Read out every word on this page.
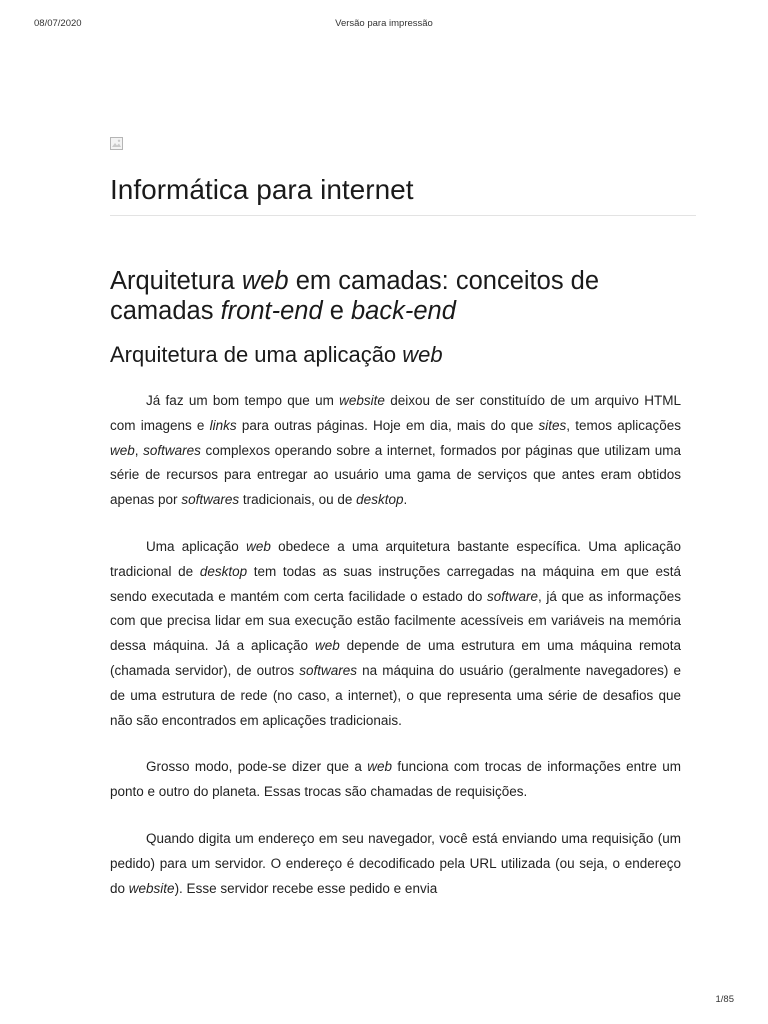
08/07/2020	Versão para impressão
Informática para internet
Arquitetura web em camadas: conceitos de camadas front-end e back-end
Arquitetura de uma aplicação web

Já faz um bom tempo que um website deixou de ser constituído de um arquivo HTML com imagens e links para outras páginas. Hoje em dia, mais do que sites, temos aplicações web, softwares complexos operando sobre a internet, formados por páginas que utilizam uma série de recursos para entregar ao usuário uma gama de serviços que antes eram obtidos apenas por softwares tradicionais, ou de desktop.

Uma aplicação web obedece a uma arquitetura bastante específica. Uma aplicação tradicional de desktop tem todas as suas instruções carregadas na máquina em que está sendo executada e mantém com certa facilidade o estado do software, já que as informações com que precisa lidar em sua execução estão facilmente acessíveis em variáveis na memória dessa máquina. Já a aplicação web depende de uma estrutura em uma máquina remota (chamada servidor), de outros softwares na máquina do usuário (geralmente navegadores) e de uma estrutura de rede (no caso, a internet), o que representa uma série de desafios que não são encontrados em aplicações tradicionais.

Grosso modo, pode-se dizer que a web funciona com trocas de informações entre um ponto e outro do planeta. Essas trocas são chamadas de requisições.

Quando digita um endereço em seu navegador, você está enviando uma requisição (um pedido) para um servidor. O endereço é decodificado pela URL utilizada (ou seja, o endereço do website). Esse servidor recebe esse pedido e envia

1/85
